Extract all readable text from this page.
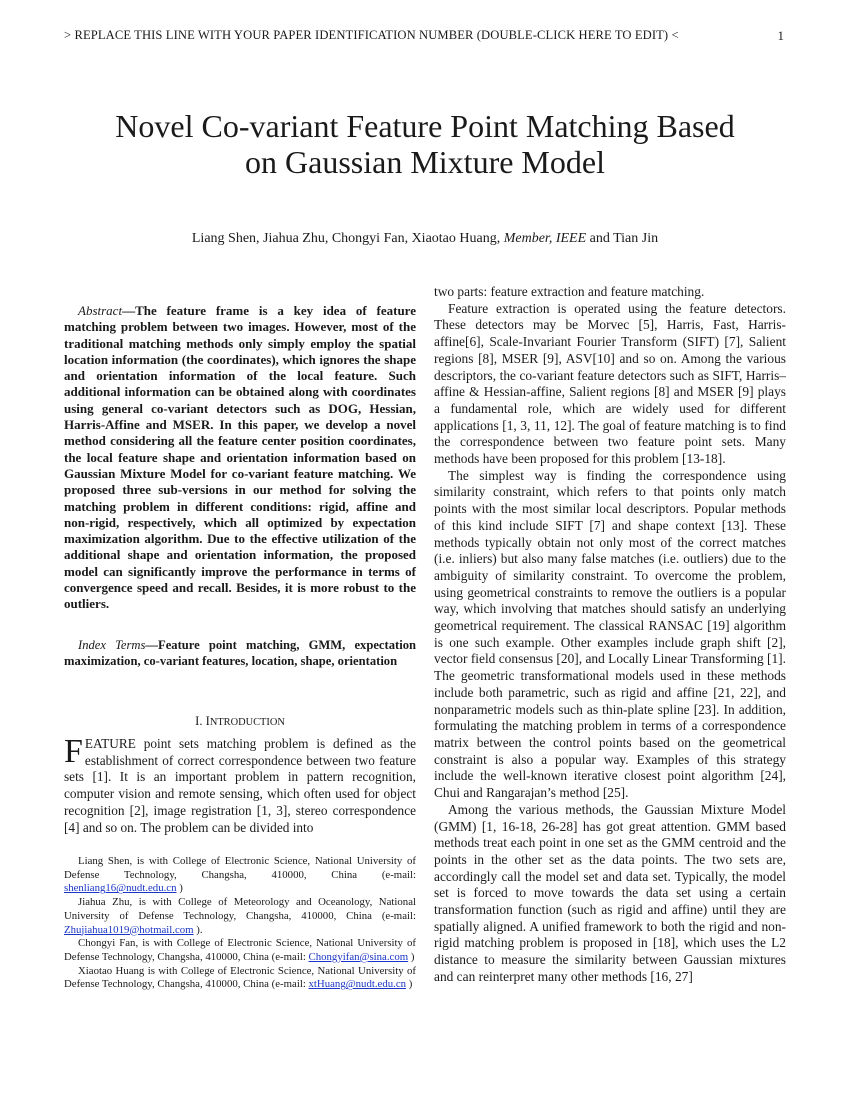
> REPLACE THIS LINE WITH YOUR PAPER IDENTIFICATION NUMBER (DOUBLE-CLICK HERE TO EDIT) <	1
Novel Co-variant Feature Point Matching Based
on Gaussian Mixture Model
Liang Shen, Jiahua Zhu, Chongyi Fan, Xiaotao Huang, Member, IEEE and Tian Jin

Abstract—The feature frame is a key idea of feature matching problem between two images. However, most of the traditional matching methods only simply employ the spatial location information (the coordinates), which ignores the shape and orientation information of the local feature. Such additional information can be obtained along with coordinates using general co-variant detectors such as DOG, Hessian, Harris-Affine and MSER. In this paper, we develop a novel method considering all the feature center position coordinates, the local feature shape and orientation information based on Gaussian Mixture Model for co-variant feature matching. We proposed three sub-versions in our method for solving the matching problem in different conditions: rigid, affine and non-rigid, respectively, which all optimized by expectation maximization algorithm. Due to the effective utilization of the additional shape and orientation information, the proposed model can significantly improve the performance in terms of convergence speed and recall. Besides, it is more robust to the outliers.

Index Terms—Feature point matching, GMM, expectation maximization, co-variant features, location, shape, orientation

I. INTRODUCTION

FEATURE point sets matching problem is defined as the establishment of correct correspondence between two feature sets [1]. It is an important problem in pattern recognition, computer vision and remote sensing, which often used for object recognition [2], image registration [1, 3], stereo correspondence [4] and so on. The problem can be divided into

Liang Shen, is with College of Electronic Science, National University of Defense Technology, Changsha, 410000, China (e-mail: shenliang16@nudt.edu.cn )

Jiahua Zhu, is with College of Meteorology and Oceanology, National University of Defense Technology, Changsha, 410000, China (e-mail: Zhujiahua1019@hotmail.com ).

Chongyi Fan, is with College of Electronic Science, National University of Defense Technology, Changsha, 410000, China (e-mail: Chongyifan@sina.com )

Xiaotao Huang is with College of Electronic Science, National University of Defense Technology, Changsha, 410000, China (e-mail: xtHuang@nudt.edu.cn )

two parts: feature extraction and feature matching.

Feature extraction is operated using the feature detectors. These detectors may be Morvec [5], Harris, Fast, Harris-affine[6], Scale-Invariant Fourier Transform (SIFT) [7], Salient regions [8], MSER [9], ASV[10] and so on. Among the various descriptors, the co-variant feature detectors such as SIFT, Harris–affine & Hessian-affine, Salient regions [8] and MSER [9] plays a fundamental role, which are widely used for different applications [1, 3, 11, 12]. The goal of feature matching is to find the correspondence between two feature point sets. Many methods have been proposed for this problem [13-18].

The simplest way is finding the correspondence using similarity constraint, which refers to that points only match points with the most similar local descriptors. Popular methods of this kind include SIFT [7] and shape context [13]. These methods typically obtain not only most of the correct matches (i.e. inliers) but also many false matches (i.e. outliers) due to the ambiguity of similarity constraint. To overcome the problem, using geometrical constraints to remove the outliers is a popular way, which involving that matches should satisfy an underlying geometrical requirement. The classical RANSAC [19] algorithm is one such example. Other examples include graph shift [2], vector field consensus [20], and Locally Linear Transforming [1]. The geometric transformational models used in these methods include both parametric, such as rigid and affine [21, 22], and nonparametric models such as thin-plate spline [23]. In addition, formulating the matching problem in terms of a correspondence matrix between the control points based on the geometrical constraint is also a popular way. Examples of this strategy include the well-known iterative closest point algorithm [24], Chui and Rangarajan’s method [25].

Among the various methods, the Gaussian Mixture Model (GMM) [1, 16-18, 26-28] has got great attention. GMM based methods treat each point in one set as the GMM centroid and the points in the other set as the data points. The two sets are, accordingly call the model set and data set. Typically, the model set is forced to move towards the data set using a certain transformation function (such as rigid and affine) until they are spatially aligned. A unified framework to both the rigid and non-rigid matching problem is proposed in [18], which uses the L2 distance to measure the similarity between Gaussian mixtures and can reinterpret many other methods [16, 27]
